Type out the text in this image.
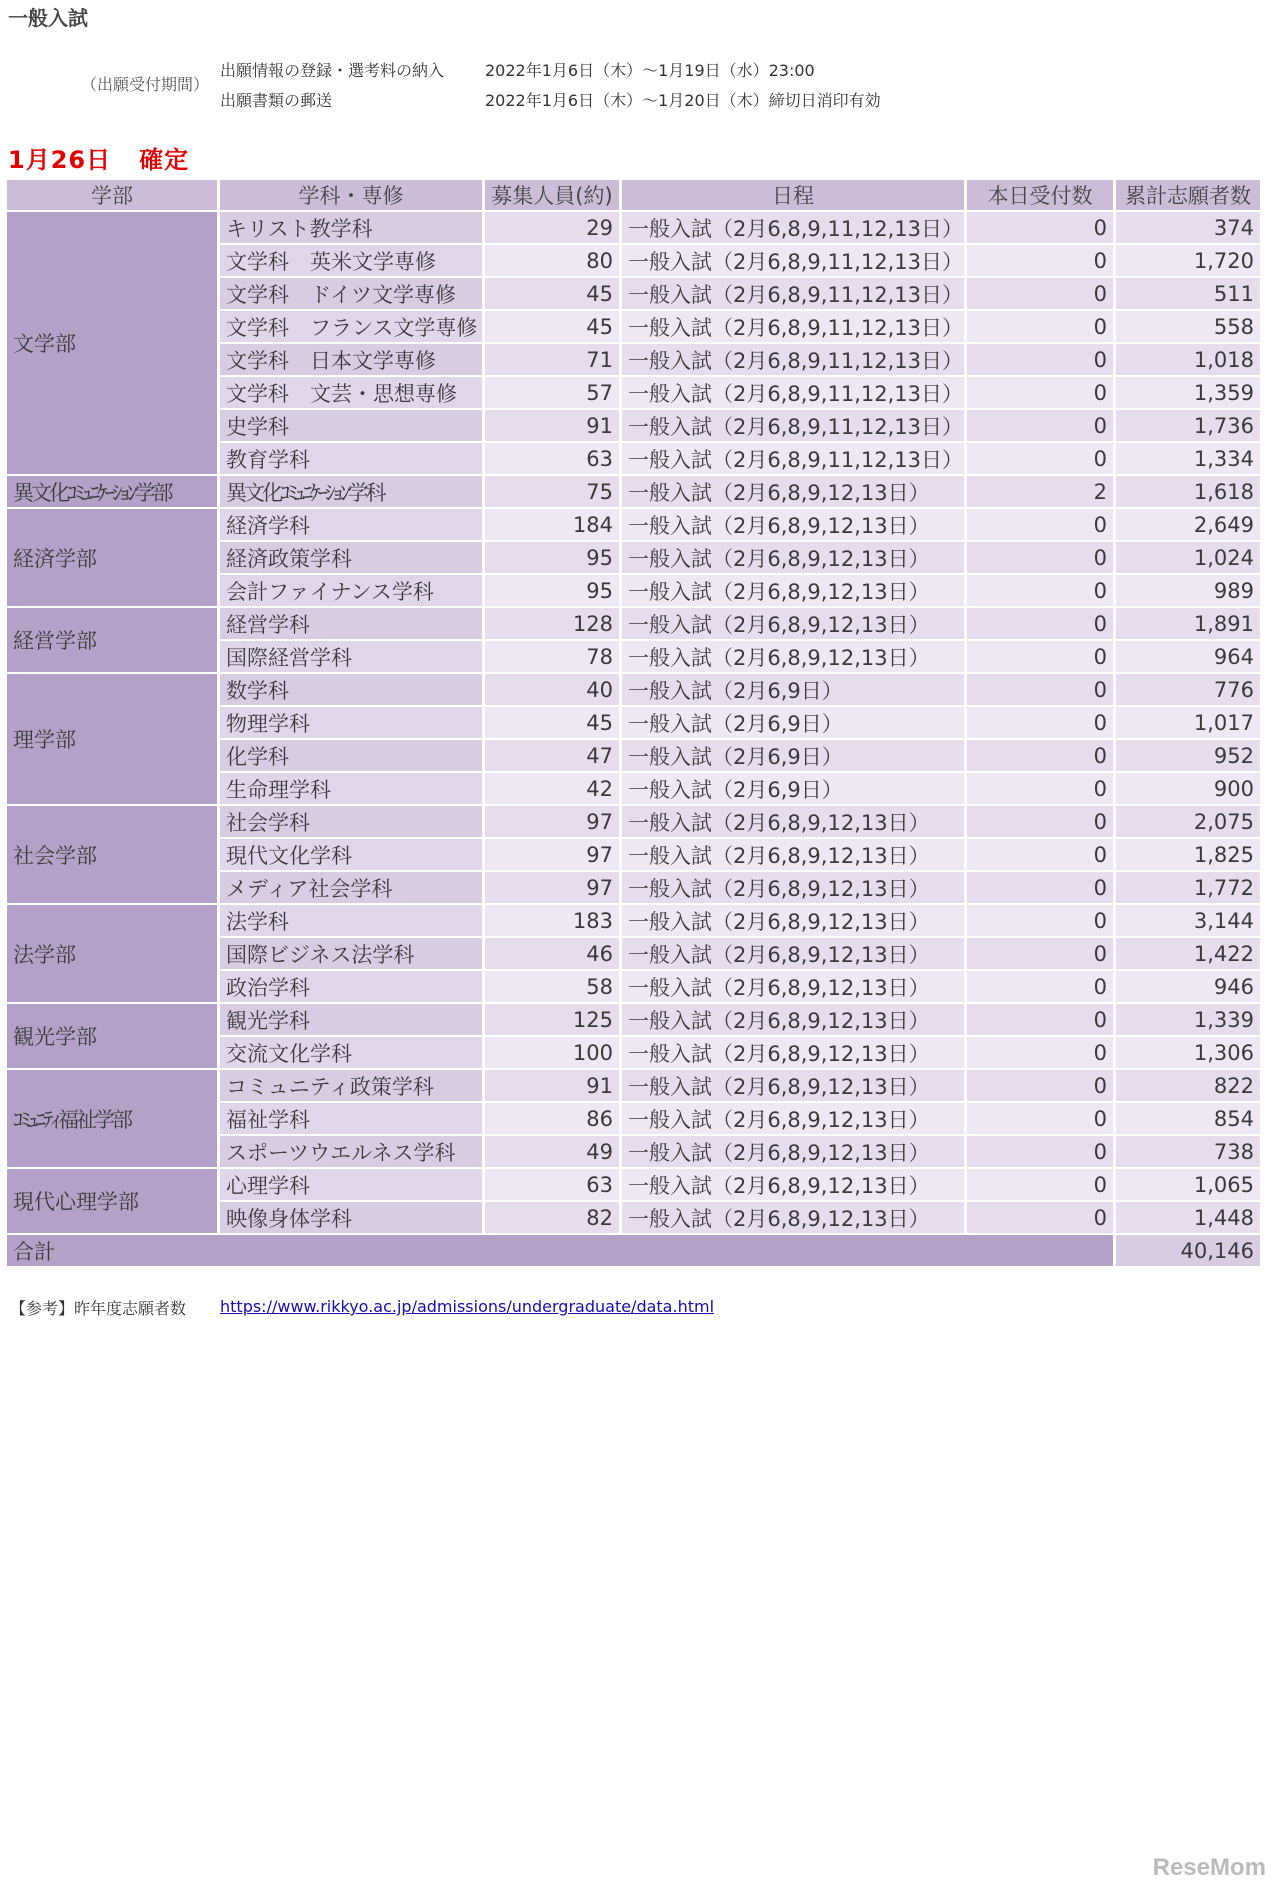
一般入試
（出願受付期間）
出願情報の登録・選考料の納入	2022年1月6日（木）～1月19日（水）23:00
出願書類の郵送	2022年1月6日（木）～1月20日（木）締切日消印有効
1月26日 確定
学部	学科・専修	募集人員(約)	日程	本日受付数	累計志願者数
文学部	キリスト教学科	29	一般入試（2月6,8,9,11,12,13日）	0	374
	文学科　英米文学専修	80	一般入試（2月6,8,9,11,12,13日）	0	1,720
	文学科　ドイツ文学専修	45	一般入試（2月6,8,9,11,12,13日）	0	511
	文学科　フランス文学専修	45	一般入試（2月6,8,9,11,12,13日）	0	558
	文学科　日本文学専修	71	一般入試（2月6,8,9,11,12,13日）	0	1,018
	文学科　文芸・思想専修	57	一般入試（2月6,8,9,11,12,13日）	0	1,359
	史学科	91	一般入試（2月6,8,9,11,12,13日）	0	1,736
	教育学科	63	一般入試（2月6,8,9,11,12,13日）	0	1,334
異文化ｺﾐｭﾆｹｰｼｮﾝ学部	異文化ｺﾐｭﾆｹｰｼｮﾝ学科	75	一般入試（2月6,8,9,12,13日）	2	1,618
経済学部	経済学科	184	一般入試（2月6,8,9,12,13日）	0	2,649
	経済政策学科	95	一般入試（2月6,8,9,12,13日）	0	1,024
	会計ファイナンス学科	95	一般入試（2月6,8,9,12,13日）	0	989
経営学部	経営学科	128	一般入試（2月6,8,9,12,13日）	0	1,891
	国際経営学科	78	一般入試（2月6,8,9,12,13日）	0	964
理学部	数学科	40	一般入試（2月6,9日）	0	776
	物理学科	45	一般入試（2月6,9日）	0	1,017
	化学科	47	一般入試（2月6,9日）	0	952
	生命理学科	42	一般入試（2月6,9日）	0	900
社会学部	社会学科	97	一般入試（2月6,8,9,12,13日）	0	2,075
	現代文化学科	97	一般入試（2月6,8,9,12,13日）	0	1,825
	メディア社会学科	97	一般入試（2月6,8,9,12,13日）	0	1,772
法学部	法学科	183	一般入試（2月6,8,9,12,13日）	0	3,144
	国際ビジネス法学科	46	一般入試（2月6,8,9,12,13日）	0	1,422
	政治学科	58	一般入試（2月6,8,9,12,13日）	0	946
観光学部	観光学科	125	一般入試（2月6,8,9,12,13日）	0	1,339
	交流文化学科	100	一般入試（2月6,8,9,12,13日）	0	1,306
ｺﾐｭﾆﾃｨ福祉学部	コミュニティ政策学科	91	一般入試（2月6,8,9,12,13日）	0	822
	福祉学科	86	一般入試（2月6,8,9,12,13日）	0	854
	スポーツウエルネス学科	49	一般入試（2月6,8,9,12,13日）	0	738
現代心理学部	心理学科	63	一般入試（2月6,8,9,12,13日）	0	1,065
	映像身体学科	82	一般入試（2月6,8,9,12,13日）	0	1,448
合計					40,146
【参考】昨年度志願者数 https://www.rikkyo.ac.jp/admissions/undergraduate/data.html
ReseMom
